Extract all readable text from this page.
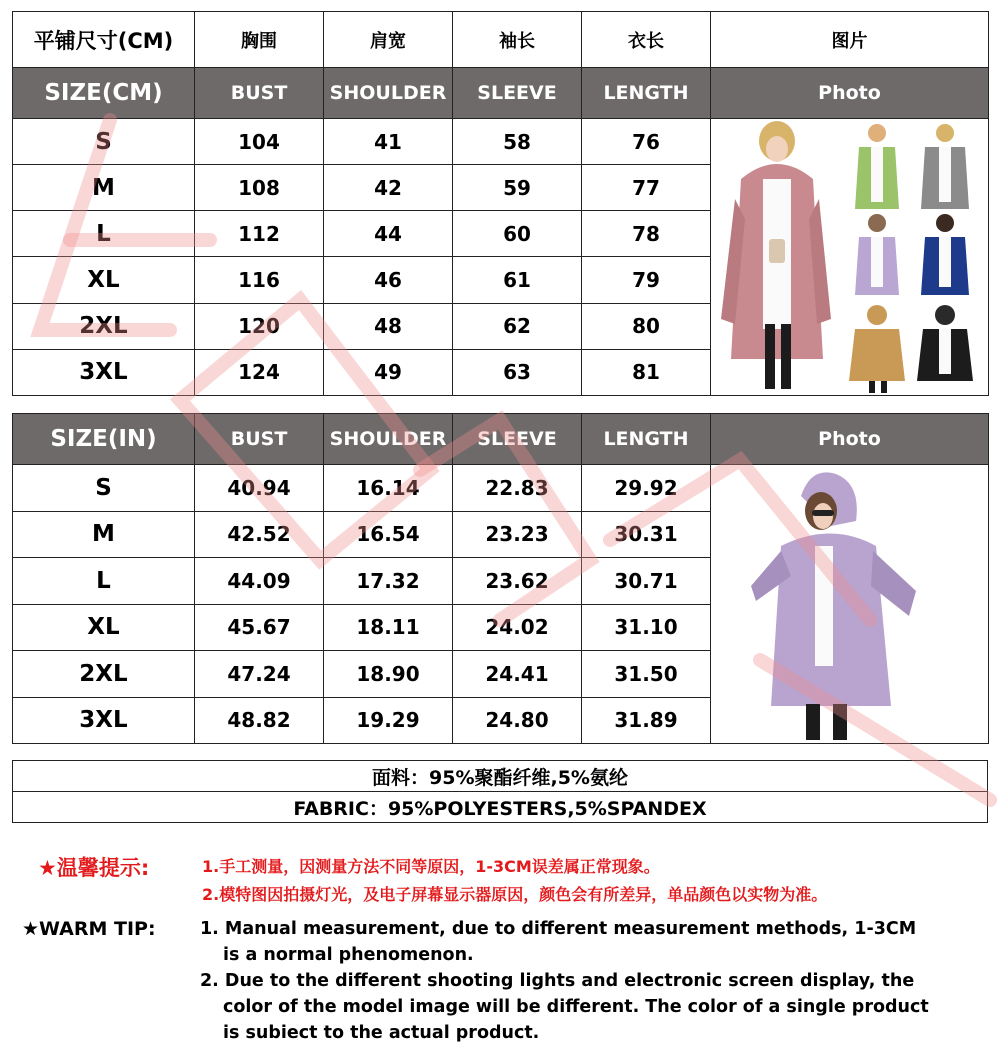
平铺尺寸(CM)	胸围	肩宽	袖长	衣长	图片
SIZE(CM)	BUST	SHOULDER	SLEEVE	LENGTH	Photo
S	104	41	58	76	

M	108	42	59	77	
L	112	44	60	78	
XL	116	46	61	79	
2XL	120	48	62	80	
3XL	124	49	63	81	
SIZE(IN)	BUST	SHOULDER	SLEEVE	LENGTH	Photo
S	40.94	16.14	22.83	29.92	

M	42.52	16.54	23.23	30.31	
L	44.09	17.32	23.62	30.71	
XL	45.67	18.11	24.02	31.10	
2XL	47.24	18.90	24.41	31.50	
3XL	48.82	19.29	24.80	31.89	
面料：95%聚酯纤维,5%氨纶
FABRIC：95%POLYESTERS,5%SPANDEX
★温馨提示:	1.手工测量，因测量方法不同等原因，1-3CM误差属正常现象。
2.模特图因拍摄灯光，及电子屏幕显示器原因，颜色会有所差异，单品颜色以实物为准。
★WARM TIP:	1. Manual measurement, due to different measurement methods, 1-3CM
is a normal phenomenon.
2. Due to the different shooting lights and electronic screen display, the
color of the model image will be different. The color of a single product
is subiect to the actual product.
